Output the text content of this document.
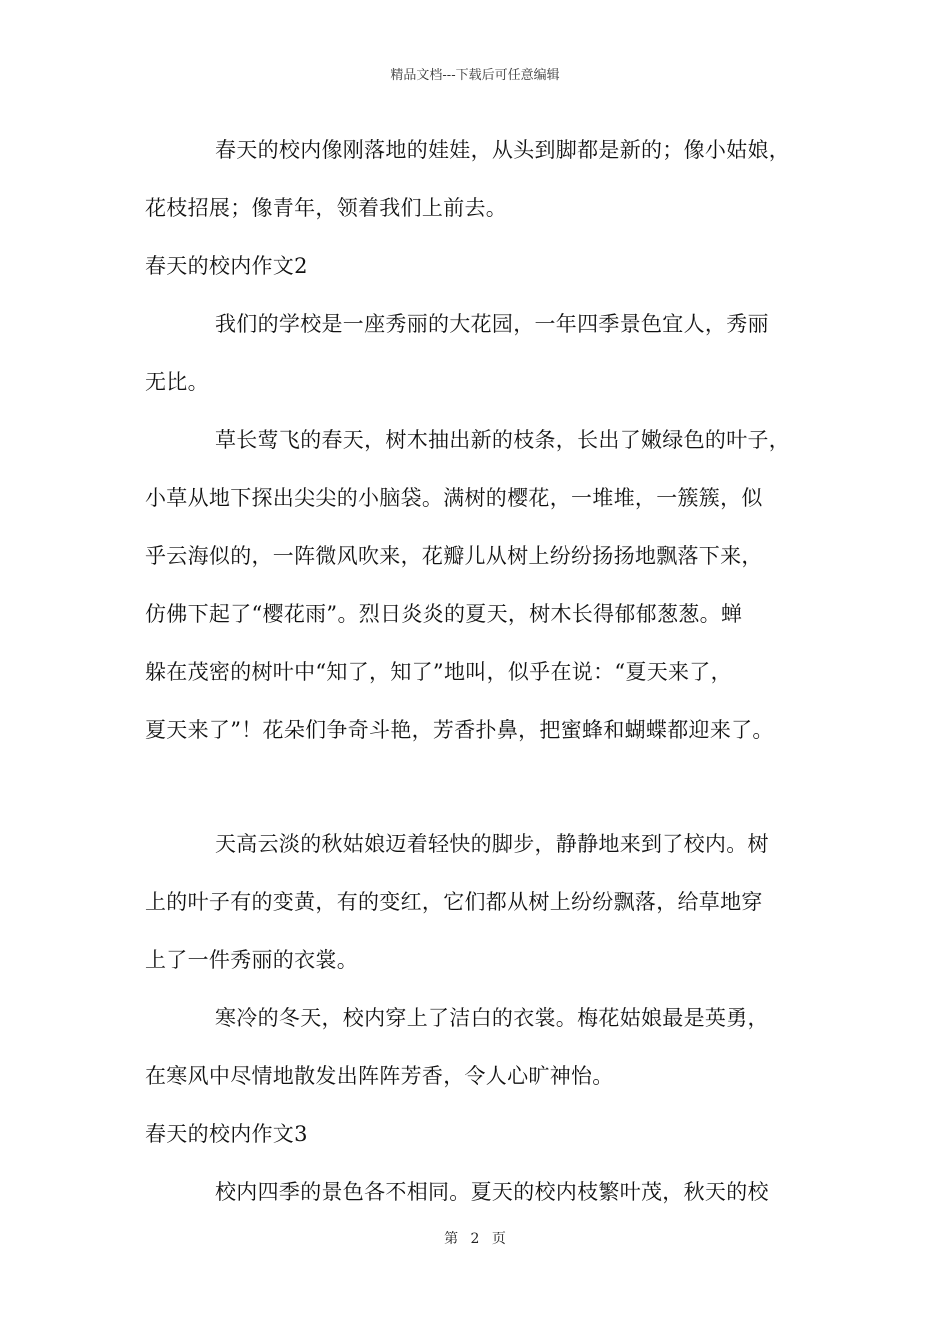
精品文档---下载后可任意编辑
春天的校内像刚落地的娃娃，从头到脚都是新的；像小姑娘，
花枝招展；像青年，领着我们上前去。
春天的校内作文2
我们的学校是一座秀丽的大花园，一年四季景色宜人，秀丽
无比。
草长莺飞的春天，树木抽出新的枝条，长出了嫩绿色的叶子，
小草从地下探出尖尖的小脑袋。满树的樱花，一堆堆，一簇簇，似
乎云海似的，一阵微风吹来，花瓣儿从树上纷纷扬扬地飘落下来，
仿佛下起了“樱花雨”。烈日炎炎的夏天，树木长得郁郁葱葱。蝉
躲在茂密的树叶中“知了，知了”地叫，似乎在说：“夏天来了，
夏天来了”！花朵们争奇斗艳，芳香扑鼻，把蜜蜂和蝴蝶都迎来了。
天高云淡的秋姑娘迈着轻快的脚步，静静地来到了校内。树
上的叶子有的变黄，有的变红，它们都从树上纷纷飘落，给草地穿
上了一件秀丽的衣裳。
寒冷的冬天，校内穿上了洁白的衣裳。梅花姑娘最是英勇，
在寒风中尽情地散发出阵阵芳香，令人心旷神怡。
春天的校内作文3
校内四季的景色各不相同。夏天的校内枝繁叶茂，秋天的校
第 2 页
